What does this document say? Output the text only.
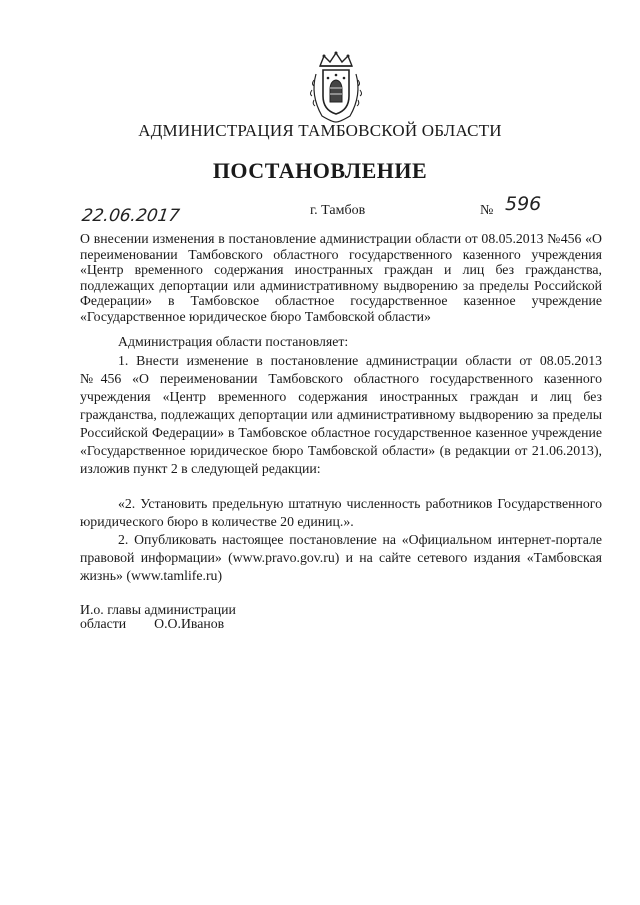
АДМИНИСТРАЦИЯ ТАМБОВСКОЙ ОБЛАСТИ
ПОСТАНОВЛЕНИЕ
22.06.2017	г. Тамбов	№ 596
О внесении изменения в постановление администрации области от 08.05.2013 №456 «О переименовании Тамбовского областного государственного казенного учреждения «Центр временного содержания иностранных граждан и лиц без гражданства, подлежащих депортации или административному выдворению за пределы Российской Федерации» в Тамбовское областное государственное казенное учреждение «Государственное юридическое бюро Тамбовской области»
Администрация области постановляет:
1. Внести изменение в постановление администрации области от 08.05.2013 №456 «О переименовании Тамбовского областного государственного казенного учреждения «Центр временного содержания иностранных граждан и лиц без гражданства, подлежащих депортации или административному выдворению за пределы Российской Федерации» в Тамбовское областное государственное казенное учреждение «Государственное юридическое бюро Тамбовской области» (в редакции от 21.06.2013), изложив пункт 2 в следующей редакции:
«2. Установить предельную штатную численность работников Государственного юридического бюро в количестве 20 единиц.».
2. Опубликовать настоящее постановление на «Официальном интернет-портале правовой информации» (www.pravo.gov.ru) и на сайте сетевого издания «Тамбовская жизнь» (www.tamlife.ru)
И.о. главы администрации
области О.О.Иванов
